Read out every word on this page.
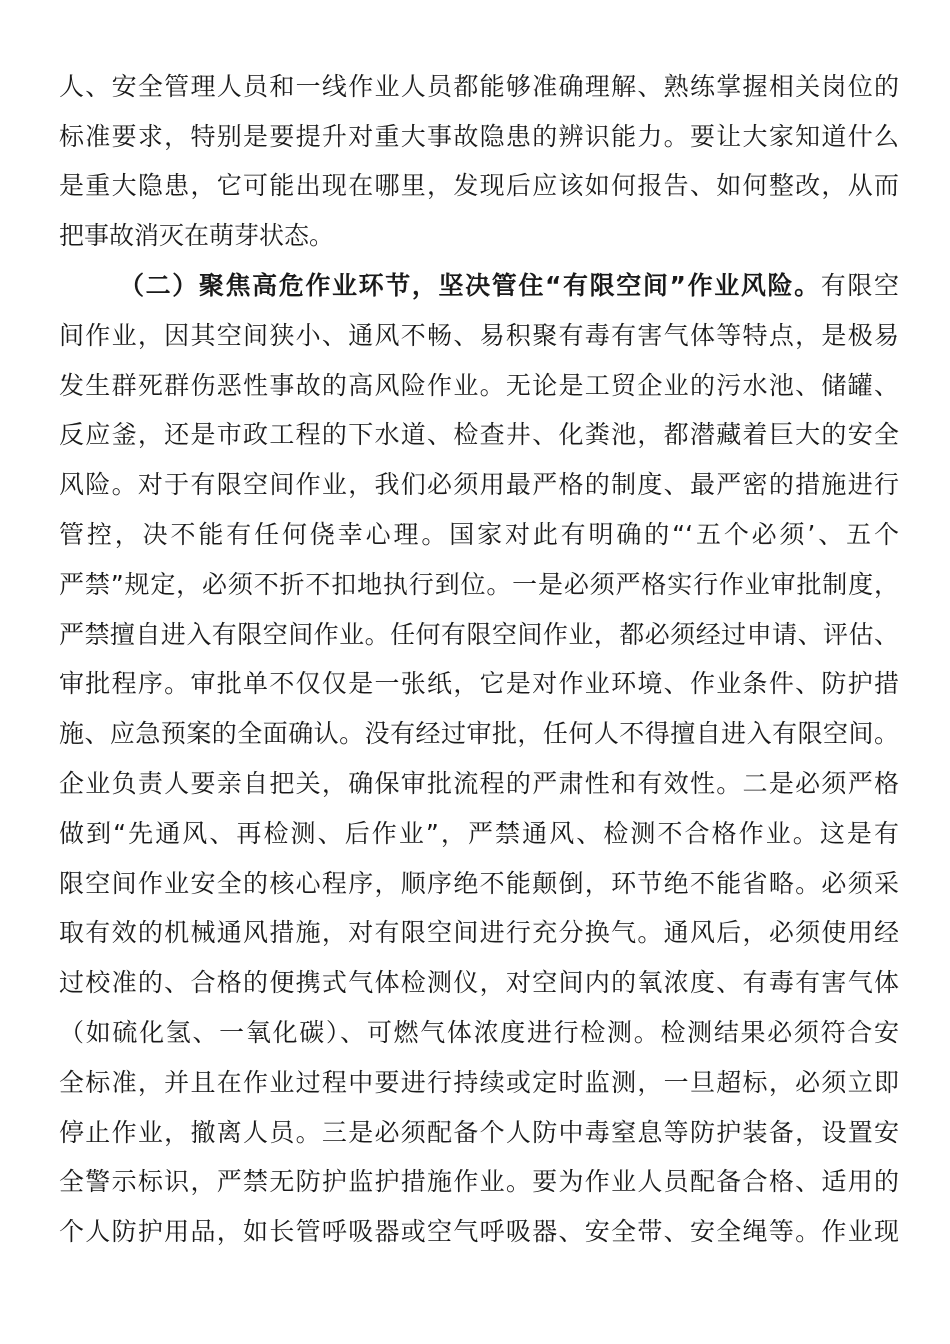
人、安全管理人员和一线作业人员都能够准确理解、熟练掌握相关岗位的
标准要求，特别是要提升对重大事故隐患的辨识能力。要让大家知道什么
是重大隐患，它可能出现在哪里，发现后应该如何报告、如何整改，从而
把事故消灭在萌芽状态。
（二）聚焦高危作业环节，坚决管住“有限空间”作业风险。有限空
间作业，因其空间狭小、通风不畅、易积聚有毒有害气体等特点，是极易
发生群死群伤恶性事故的高风险作业。无论是工贸企业的污水池、储罐、
反应釜，还是市政工程的下水道、检查井、化粪池，都潜藏着巨大的安全
风险。对于有限空间作业，我们必须用最严格的制度、最严密的措施进行
管控，决不能有任何侥幸心理。国家对此有明确的“‘五个必须’、五个
严禁”规定，必须不折不扣地执行到位。一是必须严格实行作业审批制度，
严禁擅自进入有限空间作业。任何有限空间作业，都必须经过申请、评估、
审批程序。审批单不仅仅是一张纸，它是对作业环境、作业条件、防护措
施、应急预案的全面确认。没有经过审批，任何人不得擅自进入有限空间。
企业负责人要亲自把关，确保审批流程的严肃性和有效性。二是必须严格
做到“先通风、再检测、后作业”，严禁通风、检测不合格作业。这是有
限空间作业安全的核心程序，顺序绝不能颠倒，环节绝不能省略。必须采
取有效的机械通风措施，对有限空间进行充分换气。通风后，必须使用经
过校准的、合格的便携式气体检测仪，对空间内的氧浓度、有毒有害气体
（如硫化氢、一氧化碳）、可燃气体浓度进行检测。检测结果必须符合安
全标准，并且在作业过程中要进行持续或定时监测，一旦超标，必须立即
停止作业，撤离人员。三是必须配备个人防中毒窒息等防护装备，设置安
全警示标识，严禁无防护监护措施作业。要为作业人员配备合格、适用的
个人防护用品，如长管呼吸器或空气呼吸器、安全带、安全绳等。作业现
